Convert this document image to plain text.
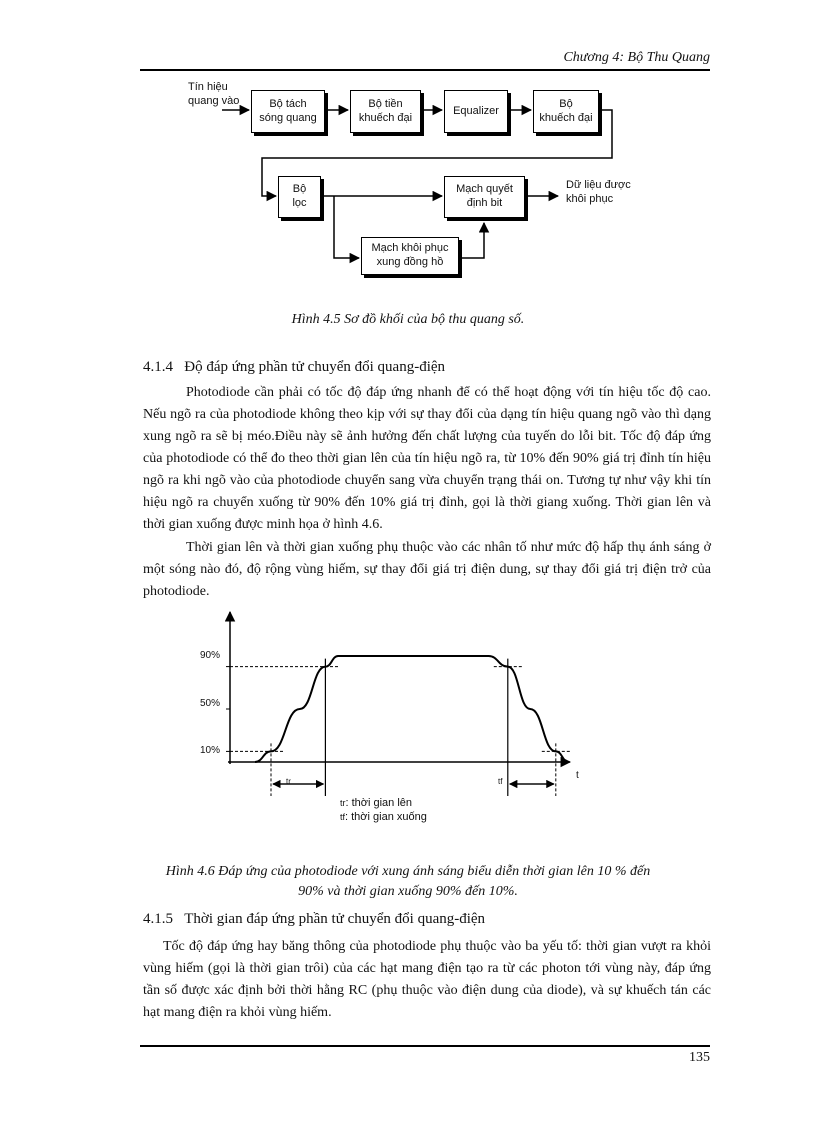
Chương 4: Bộ Thu Quang
Tín hiệu
quang vào	Bộ tách
sóng quang
Bộ tiền
khuếch đại
Equalizer
Bộ
khuếch đại
Bộ
lọc
Mạch quyết
định bit
Mạch khôi phục
xung đồng hồ
Dữ liệu được
khôi phục
Hình 4.5 Sơ đồ khối của bộ thu quang số.
4.1.4 Độ đáp ứng phần tử chuyển đổi quang-điện
Photodiode cần phải có tốc độ đáp ứng nhanh để có thể hoạt động với tín hiệu tốc độ cao. Nếu ngõ ra của photodiode không theo kịp với sự thay đổi của dạng tín hiệu quang ngõ vào thì dạng xung ngõ ra sẽ bị méo.Điều này sẽ ảnh hưởng đến chất lượng của tuyến do lỗi bit. Tốc độ đáp ứng của photodiode có thể đo theo thời gian lên của tín hiệu ngõ ra, từ 10% đến 90% giá trị đỉnh tín hiệu ngõ ra khi ngõ vào của photodiode chuyển sang vừa chuyển trạng thái on. Tương tự như vậy khi tín hiệu ngõ ra chuyển xuống từ 90% đến 10% giá trị đỉnh, gọi là thời giang xuống. Thời gian lên và thời gian xuống được minh họa ở hình 4.6.
Thời gian lên và thời gian xuống phụ thuộc vào các nhân tố như mức độ hấp thụ ánh sáng ở một sóng nào đó, độ rộng vùng hiếm, sự thay đổi giá trị điện dung, sự thay đổi giá trị điện trở của photodiode.
90%
50%
10%
t
tr	tf
tr: thời gian lên
tf: thời gian xuống
Hình 4.6 Đáp ứng của photodiode với xung ánh sáng biểu diễn thời gian lên 10 % đến
90% và thời gian xuống 90% đến 10%.
4.1.5 Thời gian đáp ứng phần tử chuyển đổi quang-điện
Tốc độ đáp ứng hay băng thông của photodiode phụ thuộc vào ba yếu tố: thời gian vượt ra khỏi vùng hiếm (gọi là thời gian trôi) của các hạt mang điện tạo ra từ các photon tới vùng này, đáp ứng tần số được xác định bởi thời hằng RC (phụ thuộc vào điện dung của diode), và sự khuếch tán các hạt mang điện ra khỏi vùng hiếm.
135
